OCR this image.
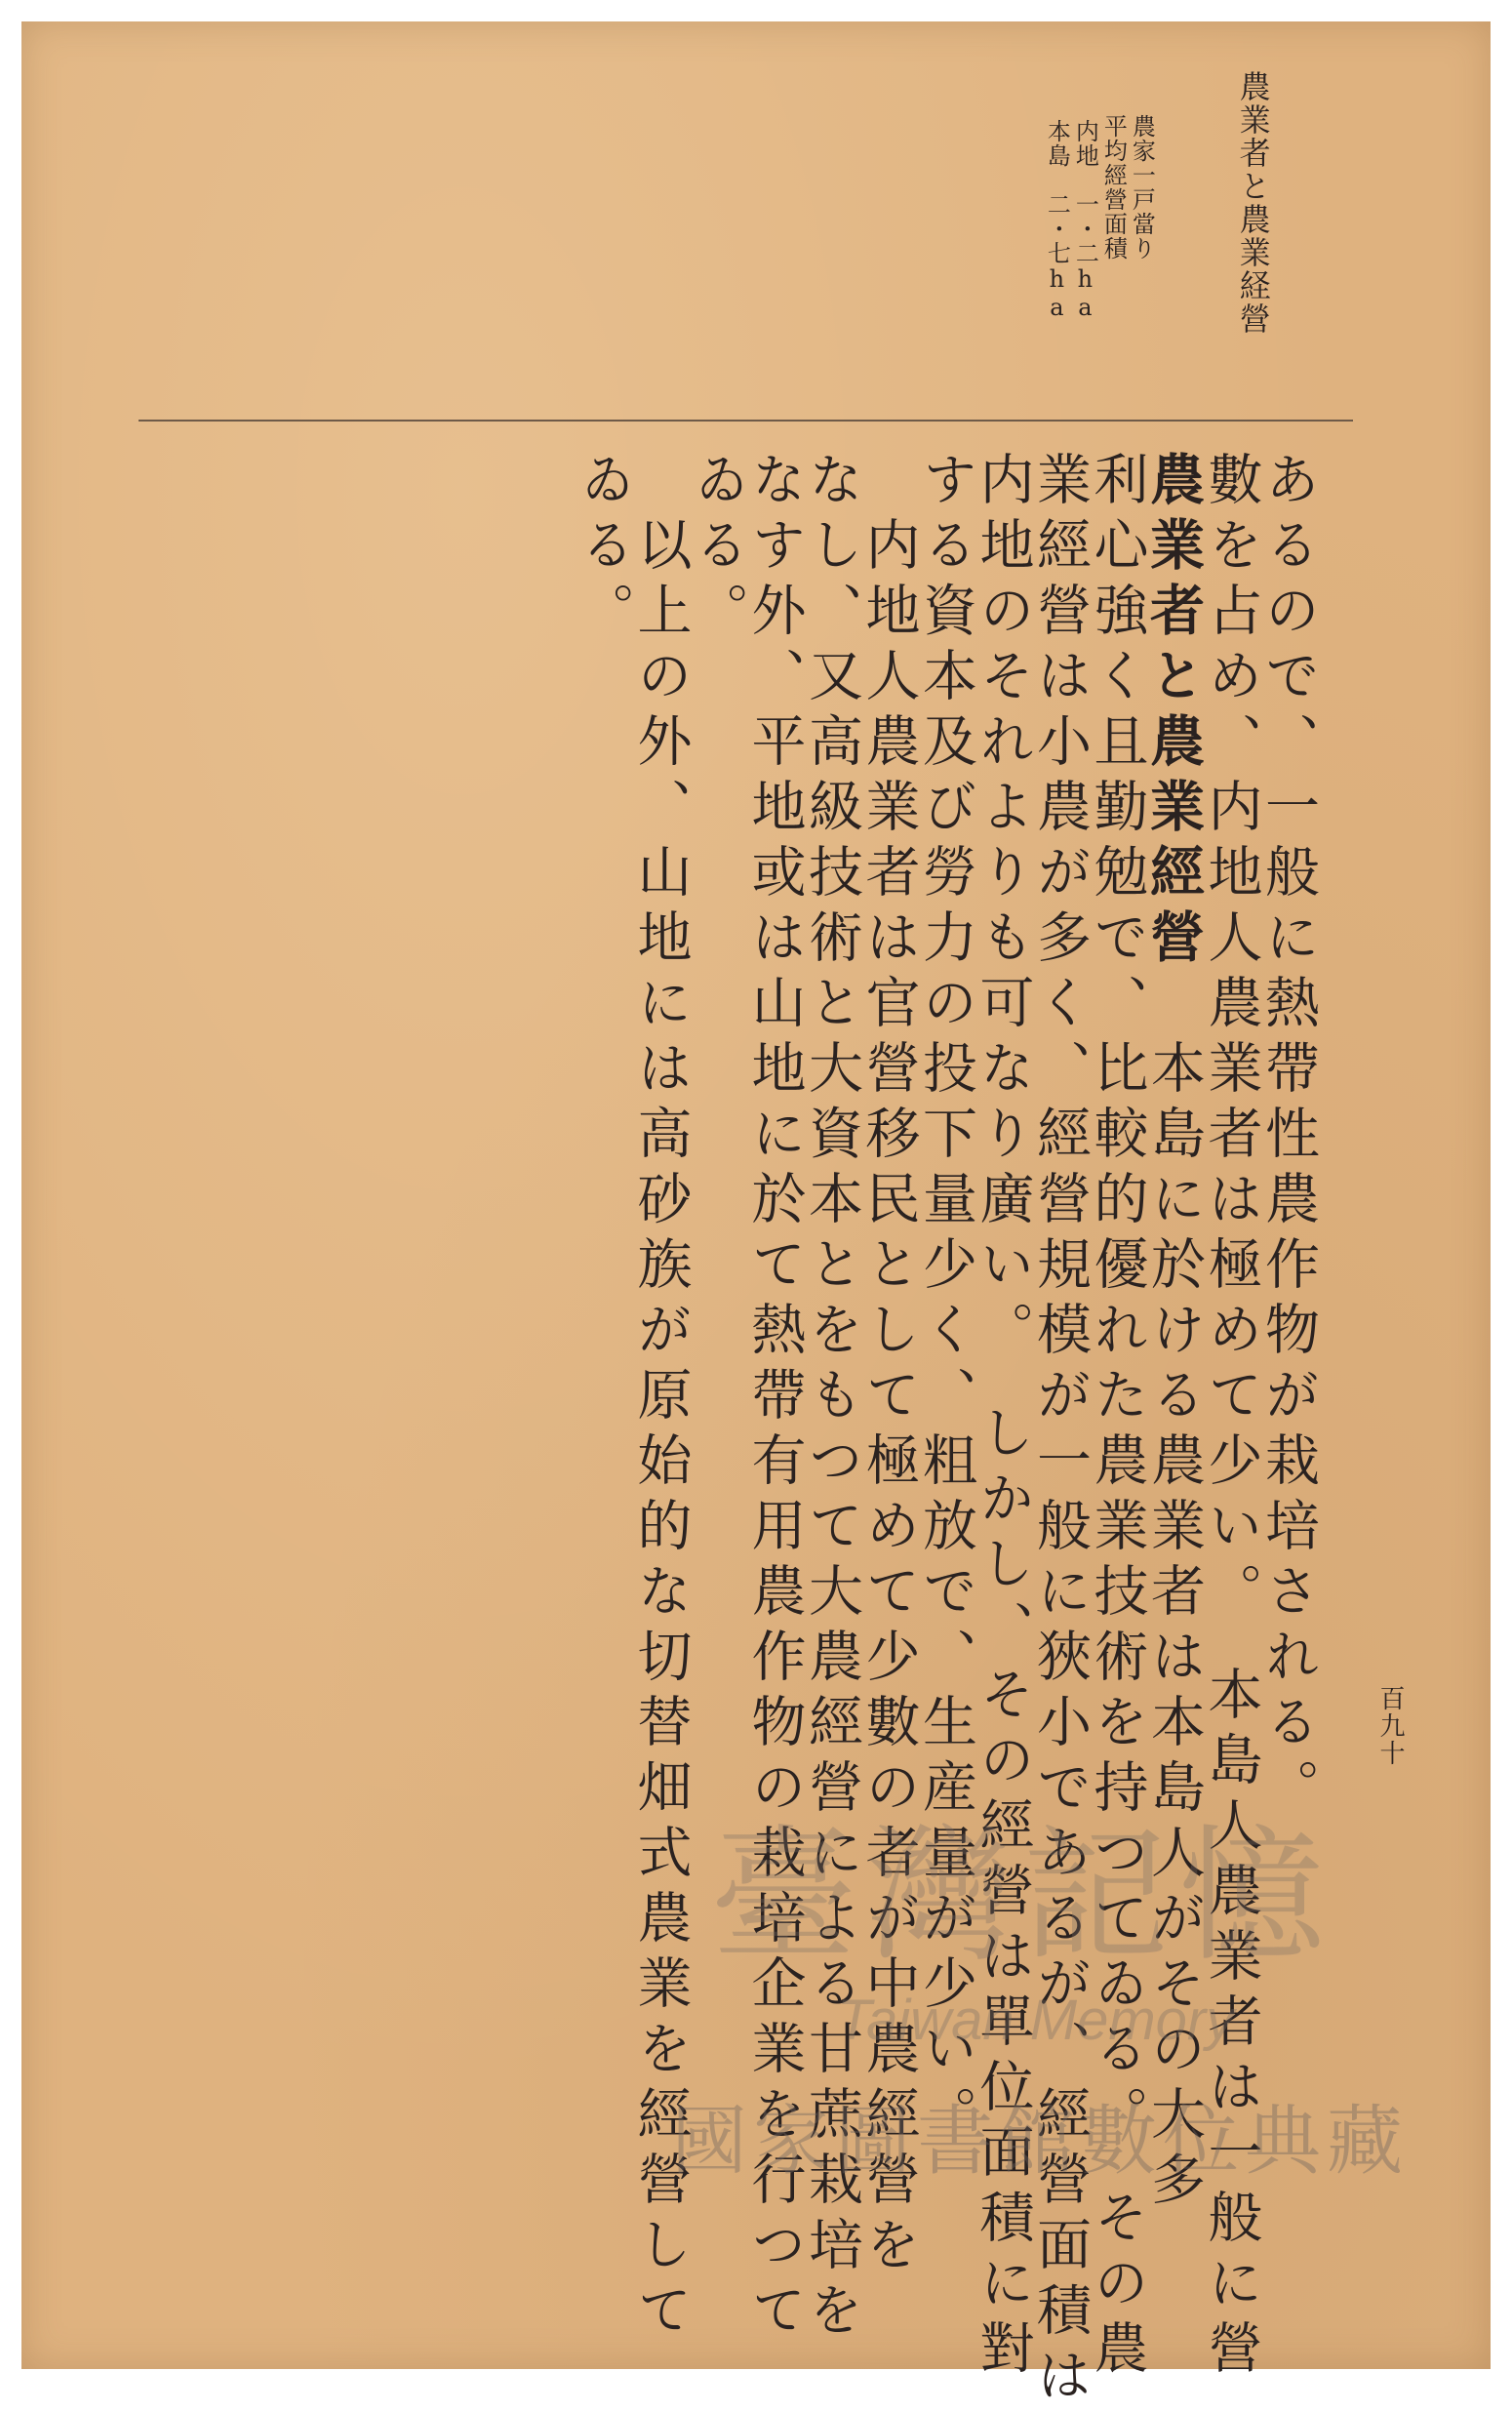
農業者と農業経營
農家一戸當り
平均經營面積
内地　一・二ha
本島　二・七ha
百九十
あるので、一般に熱帶性農作物が栽培される。
數を占め、内地人農業者は極めて少い。　本島人農業者は一般に營
農業者と農業經營　本島に於ける農業者は本島人がその大多
利心強く且勤勉で、比較的優れた農業技術を持つてゐる。　その農
業經營は小農が多く、經營規模が一般に狹小であるが、經營面積は
内地のそれよりも可なり廣い。　しかし、その經營は單位面積に對
する資本及び勞力の投下量少く、粗放で、生産量が少い。
　内地人農業者は官營移民として極めて少數の者が中農經營を
なし、又高級技術と大資本とをもつて大農經營による甘蔗栽培を
なす外、平地或は山地に於て熱帶有用農作物の栽培企業を行つて
ゐる。
　以上の外、山地には高砂族が原始的な切替畑式農業を經營して
ゐる。
臺灣記憶
Taiwan Memory
國家圖書館數位典藏
